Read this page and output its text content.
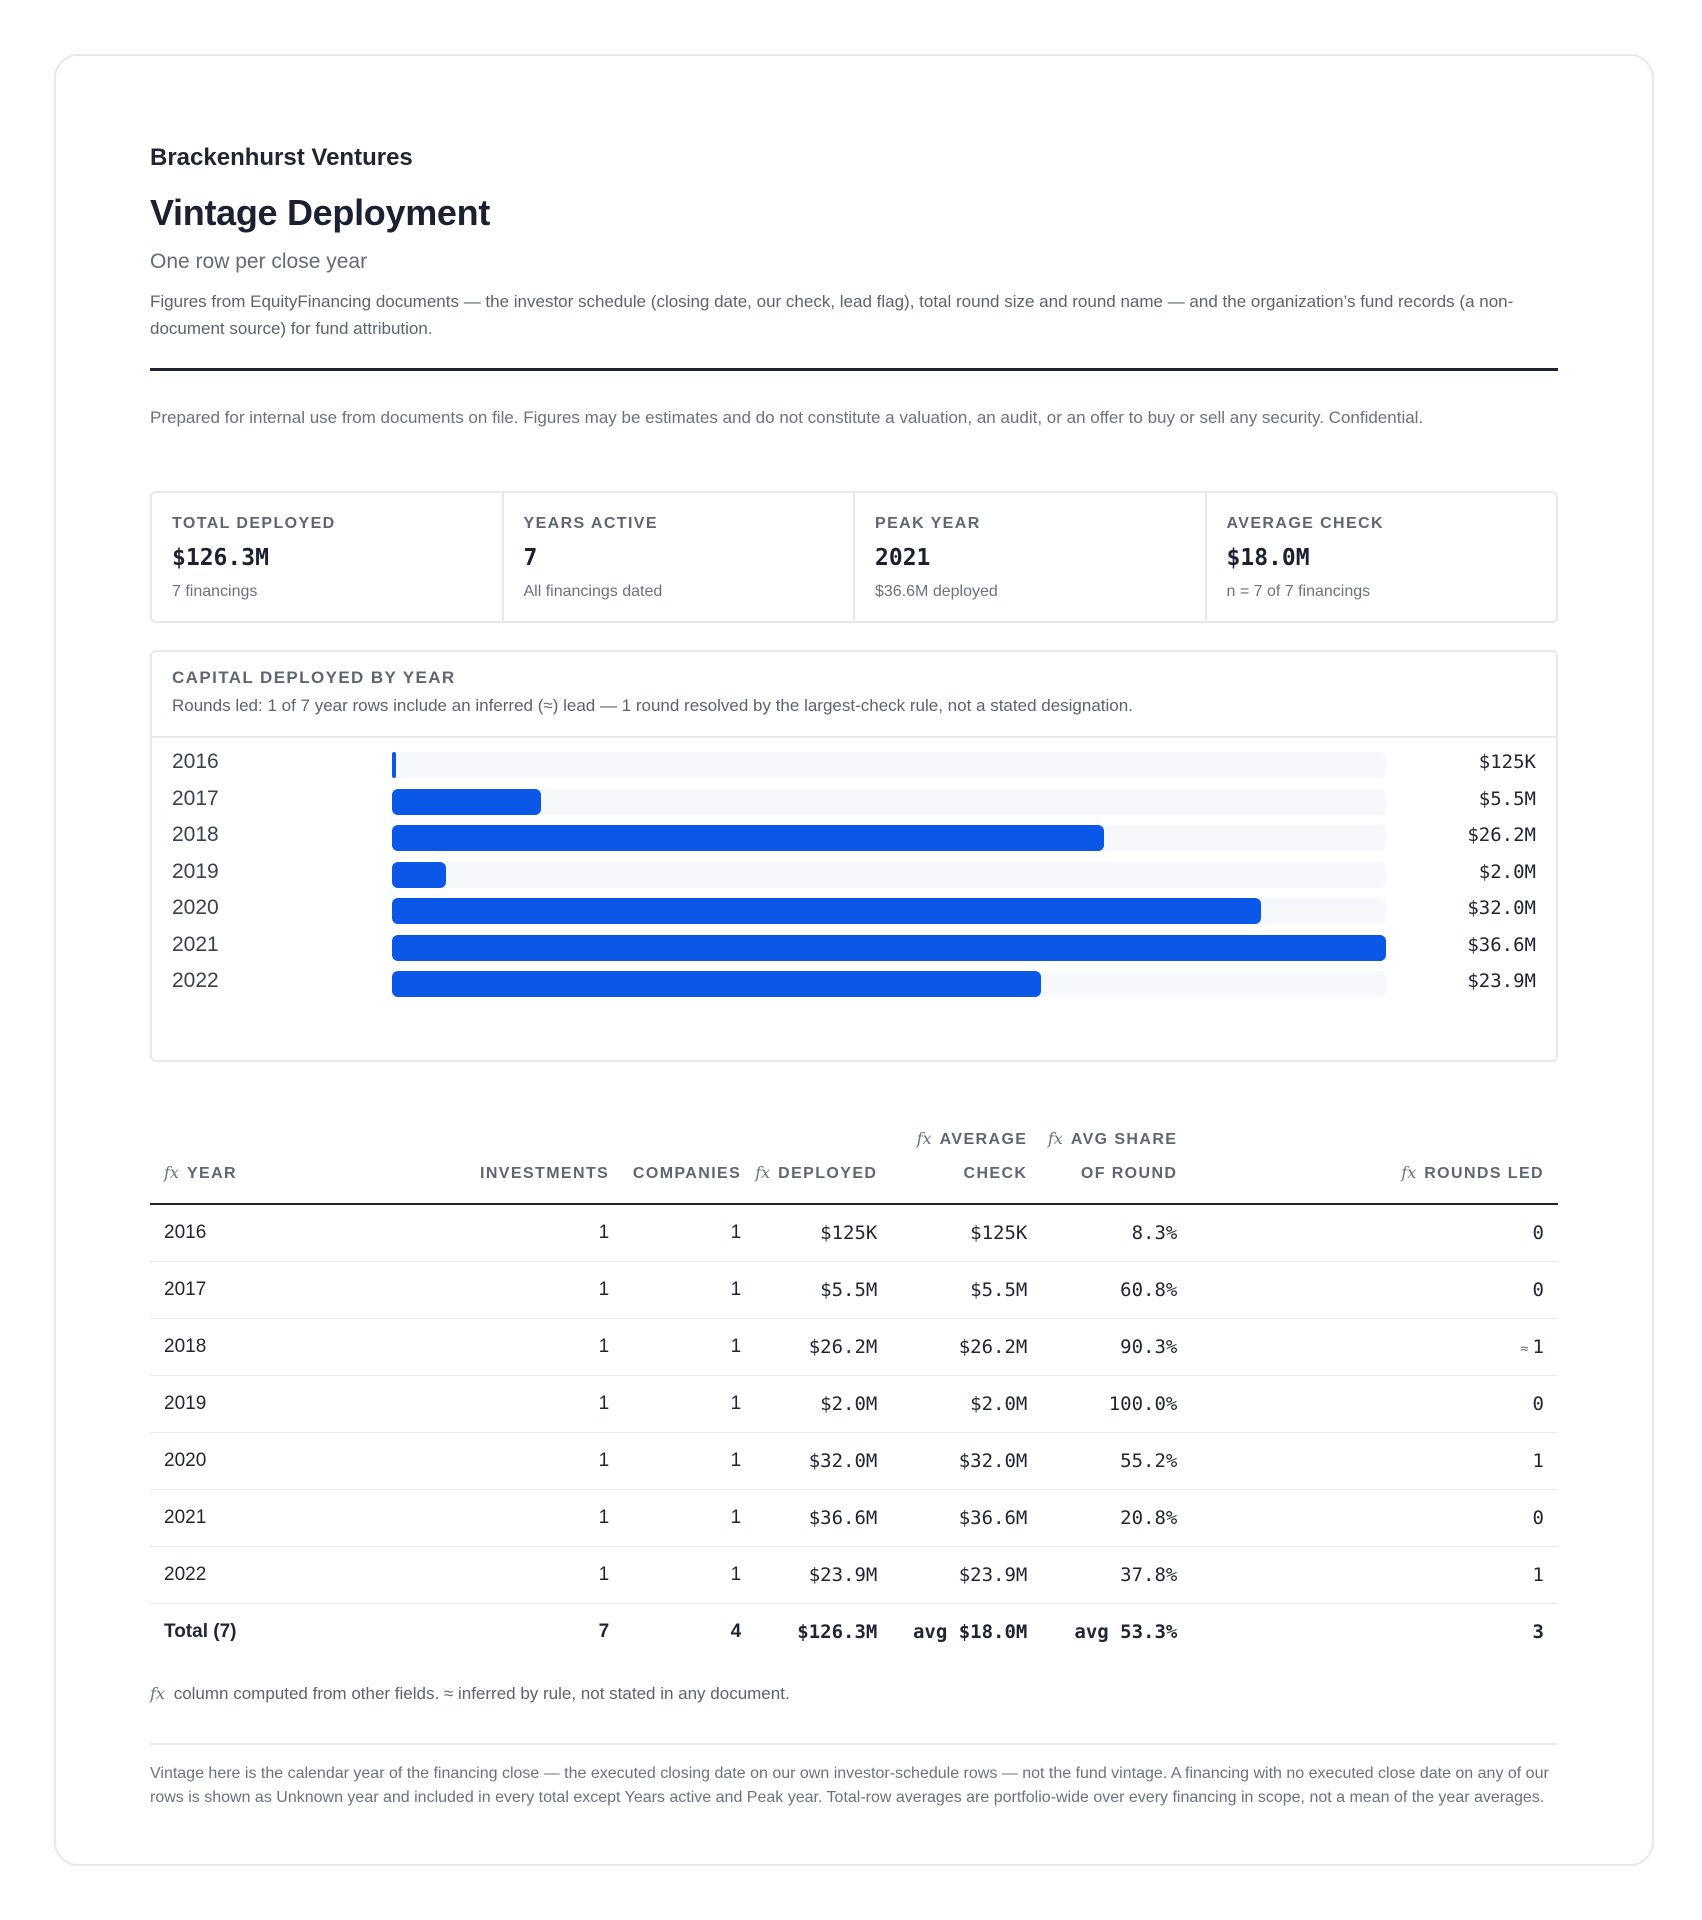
Brackenhurst Ventures
Vintage Deployment
One row per close year
Figures from EquityFinancing documents — the investor schedule (closing date, our check, lead flag), total round size and round name — and the organization’s fund records (a non-document source) for fund attribution.
Prepared for internal use from documents on file. Figures may be estimates and do not constitute a valuation, an audit, or an offer to buy or sell any security. Confidential.
TOTAL DEPLOYED
$126.3M
7 financings
YEARS ACTIVE
7
All financings dated
PEAK YEAR
2021
$36.6M deployed
AVERAGE CHECK
$18.0M
n = 7 of 7 financings
CAPITAL DEPLOYED BY YEAR
Rounds led: 1 of 7 year rows include an inferred (≈) lead — 1 round resolved by the largest-check rule, not a stated designation.
2016	$125K
2017	$5.5M
2018	$26.2M
2019	$2.0M
2020	$32.0M
2021	$36.6M
2022	$23.9M
fx YEAR	INVESTMENTS	COMPANIES	fx DEPLOYED	fx AVERAGE CHECK	fx AVG SHARE OF ROUND	fx ROUNDS LED
2016	1	1	$125K	$125K	8.3%	0
2017	1	1	$5.5M	$5.5M	60.8%	0
2018	1	1	$26.2M	$26.2M	90.3%	≈ 1
2019	1	1	$2.0M	$2.0M	100.0%	0
2020	1	1	$32.0M	$32.0M	55.2%	1
2021	1	1	$36.6M	$36.6M	20.8%	0
2022	1	1	$23.9M	$23.9M	37.8%	1
Total (7)	7	4	$126.3M	avg $18.0M	avg 53.3%	3
fx column computed from other fields. ≈ inferred by rule, not stated in any document.
Vintage here is the calendar year of the financing close — the executed closing date on our own investor-schedule rows — not the fund vintage. A financing with no executed close date on any of our rows is shown as Unknown year and included in every total except Years active and Peak year. Total-row averages are portfolio-wide over every financing in scope, not a mean of the year averages.
